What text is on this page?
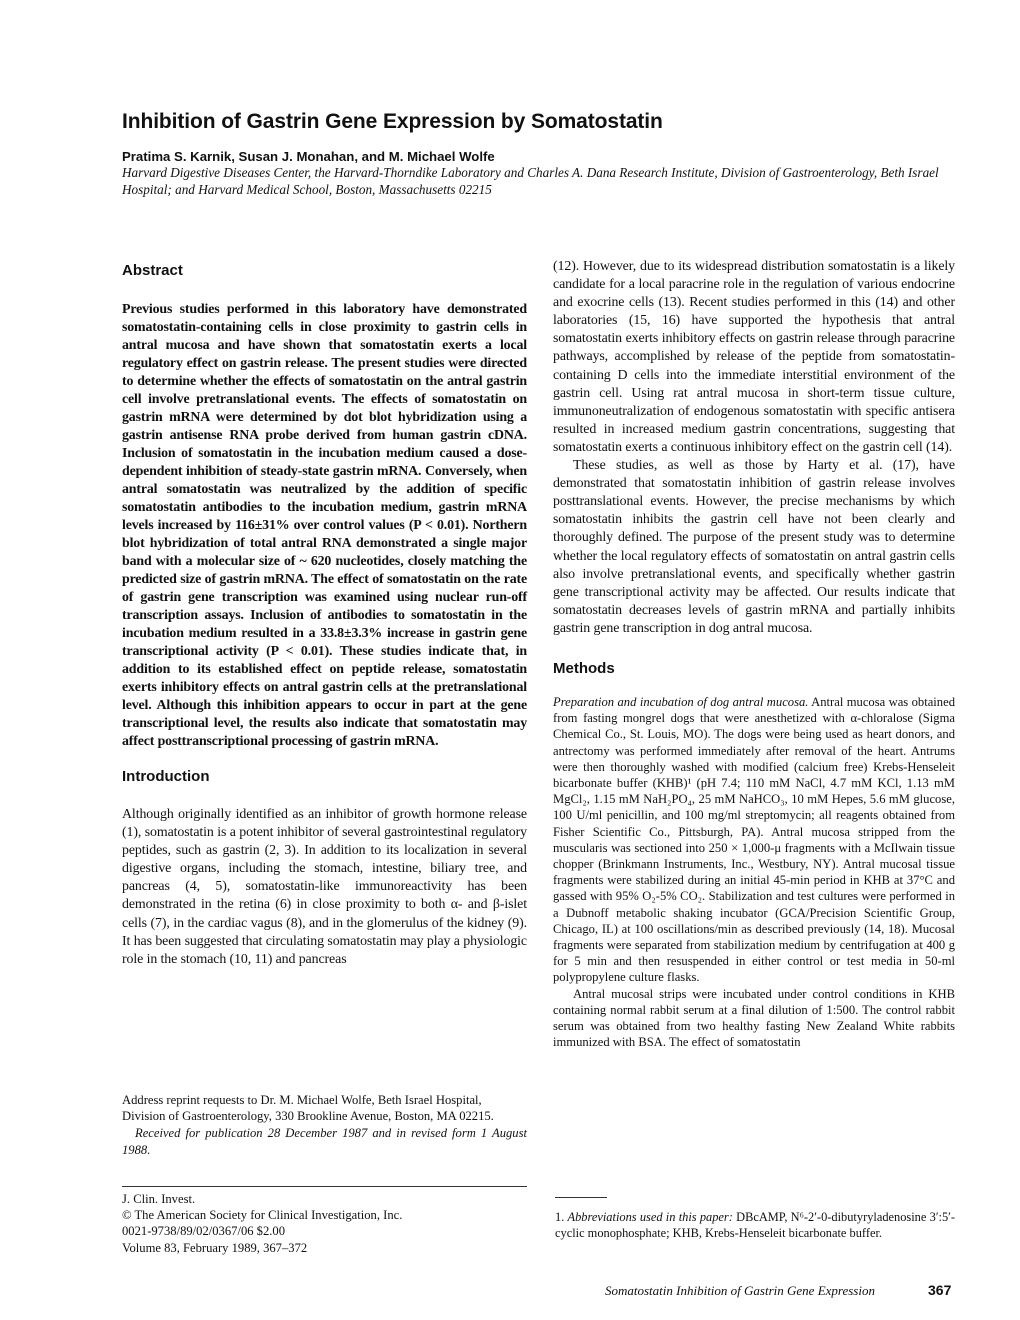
Inhibition of Gastrin Gene Expression by Somatostatin
Pratima S. Karnik, Susan J. Monahan, and M. Michael Wolfe
Harvard Digestive Diseases Center, the Harvard-Thorndike Laboratory and Charles A. Dana Research Institute, Division of Gastroenterology, Beth Israel Hospital; and Harvard Medical School, Boston, Massachusetts 02215
Abstract

Previous studies performed in this laboratory have demonstrated somatostatin-containing cells in close proximity to gastrin cells in antral mucosa and have shown that somatostatin exerts a local regulatory effect on gastrin release. The present studies were directed to determine whether the effects of somatostatin on the antral gastrin cell involve pretranslational events. The effects of somatostatin on gastrin mRNA were determined by dot blot hybridization using a gastrin antisense RNA probe derived from human gastrin cDNA. Inclusion of somatostatin in the incubation medium caused a dose-dependent inhibition of steady-state gastrin mRNA. Conversely, when antral somatostatin was neutralized by the addition of specific somatostatin antibodies to the incubation medium, gastrin mRNA levels increased by 116±31% over control values (P < 0.01). Northern blot hybridization of total antral RNA demonstrated a single major band with a molecular size of ~ 620 nucleotides, closely matching the predicted size of gastrin mRNA. The effect of somatostatin on the rate of gastrin gene transcription was examined using nuclear run-off transcription assays. Inclusion of antibodies to somatostatin in the incubation medium resulted in a 33.8±3.3% increase in gastrin gene transcriptional activity (P < 0.01). These studies indicate that, in addition to its established effect on peptide release, somatostatin exerts inhibitory effects on antral gastrin cells at the pretranslational level. Although this inhibition appears to occur in part at the gene transcriptional level, the results also indicate that somatostatin may affect posttranscriptional processing of gastrin mRNA.

Introduction

Although originally identified as an inhibitor of growth hormone release (1), somatostatin is a potent inhibitor of several gastrointestinal regulatory peptides, such as gastrin (2, 3). In addition to its localization in several digestive organs, including the stomach, intestine, biliary tree, and pancreas (4, 5), somatostatin-like immunoreactivity has been demonstrated in the retina (6) in close proximity to both α- and β-islet cells (7), in the cardiac vagus (8), and in the glomerulus of the kidney (9). It has been suggested that circulating somatostatin may play a physiologic role in the stomach (10, 11) and pancreas

Address reprint requests to Dr. M. Michael Wolfe, Beth Israel Hospital, Division of Gastroenterology, 330 Brookline Avenue, Boston, MA 02215.

Received for publication 28 December 1987 and in revised form 1 August 1988.

J. Clin. Invest.

© The American Society for Clinical Investigation, Inc.

0021-9738/89/02/0367/06 $2.00

Volume 83, February 1989, 367–372

(12). However, due to its widespread distribution somatostatin is a likely candidate for a local paracrine role in the regulation of various endocrine and exocrine cells (13). Recent studies performed in this (14) and other laboratories (15, 16) have supported the hypothesis that antral somatostatin exerts inhibitory effects on gastrin release through paracrine pathways, accomplished by release of the peptide from somatostatin-containing D cells into the immediate interstitial environment of the gastrin cell. Using rat antral mucosa in short-term tissue culture, immunoneutralization of endogenous somatostatin with specific antisera resulted in increased medium gastrin concentrations, suggesting that somatostatin exerts a continuous inhibitory effect on the gastrin cell (14).

These studies, as well as those by Harty et al. (17), have demonstrated that somatostatin inhibition of gastrin release involves posttranslational events. However, the precise mechanisms by which somatostatin inhibits the gastrin cell have not been clearly and thoroughly defined. The purpose of the present study was to determine whether the local regulatory effects of somatostatin on antral gastrin cells also involve pretranslational events, and specifically whether gastrin gene transcriptional activity may be affected. Our results indicate that somatostatin decreases levels of gastrin mRNA and partially inhibits gastrin gene transcription in dog antral mucosa.

Methods

Preparation and incubation of dog antral mucosa. Antral mucosa was obtained from fasting mongrel dogs that were anesthetized with α-chloralose (Sigma Chemical Co., St. Louis, MO). The dogs were being used as heart donors, and antrectomy was performed immediately after removal of the heart. Antrums were then thoroughly washed with modified (calcium free) Krebs-Henseleit bicarbonate buffer (KHB)¹ (pH 7.4; 110 mM NaCl, 4.7 mM KCl, 1.13 mM MgCl₂, 1.15 mM NaH₂PO₄, 25 mM NaHCO₃, 10 mM Hepes, 5.6 mM glucose, 100 U/ml penicillin, and 100 mg/ml streptomycin; all reagents obtained from Fisher Scientific Co., Pittsburgh, PA). Antral mucosa stripped from the muscularis was sectioned into 250 × 1,000-μ fragments with a McIlwain tissue chopper (Brinkmann Instruments, Inc., Westbury, NY). Antral mucosal tissue fragments were stabilized during an initial 45-min period in KHB at 37°C and gassed with 95% O₂-5% CO₂. Stabilization and test cultures were performed in a Dubnoff metabolic shaking incubator (GCA/Precision Scientific Group, Chicago, IL) at 100 oscillations/min as described previously (14, 18). Mucosal fragments were separated from stabilization medium by centrifugation at 400 g for 5 min and then resuspended in either control or test media in 50-ml polypropylene culture flasks.

Antral mucosal strips were incubated under control conditions in KHB containing normal rabbit serum at a final dilution of 1:500. The control rabbit serum was obtained from two healthy fasting New Zealand White rabbits immunized with BSA. The effect of somatostatin

1. Abbreviations used in this paper: DBcAMP, N⁶-2′-0-dibutyryladenosine 3′:5′-cyclic monophosphate; KHB, Krebs-Henseleit bicarbonate buffer.

Somatostatin Inhibition of Gastrin Gene Expression	367
